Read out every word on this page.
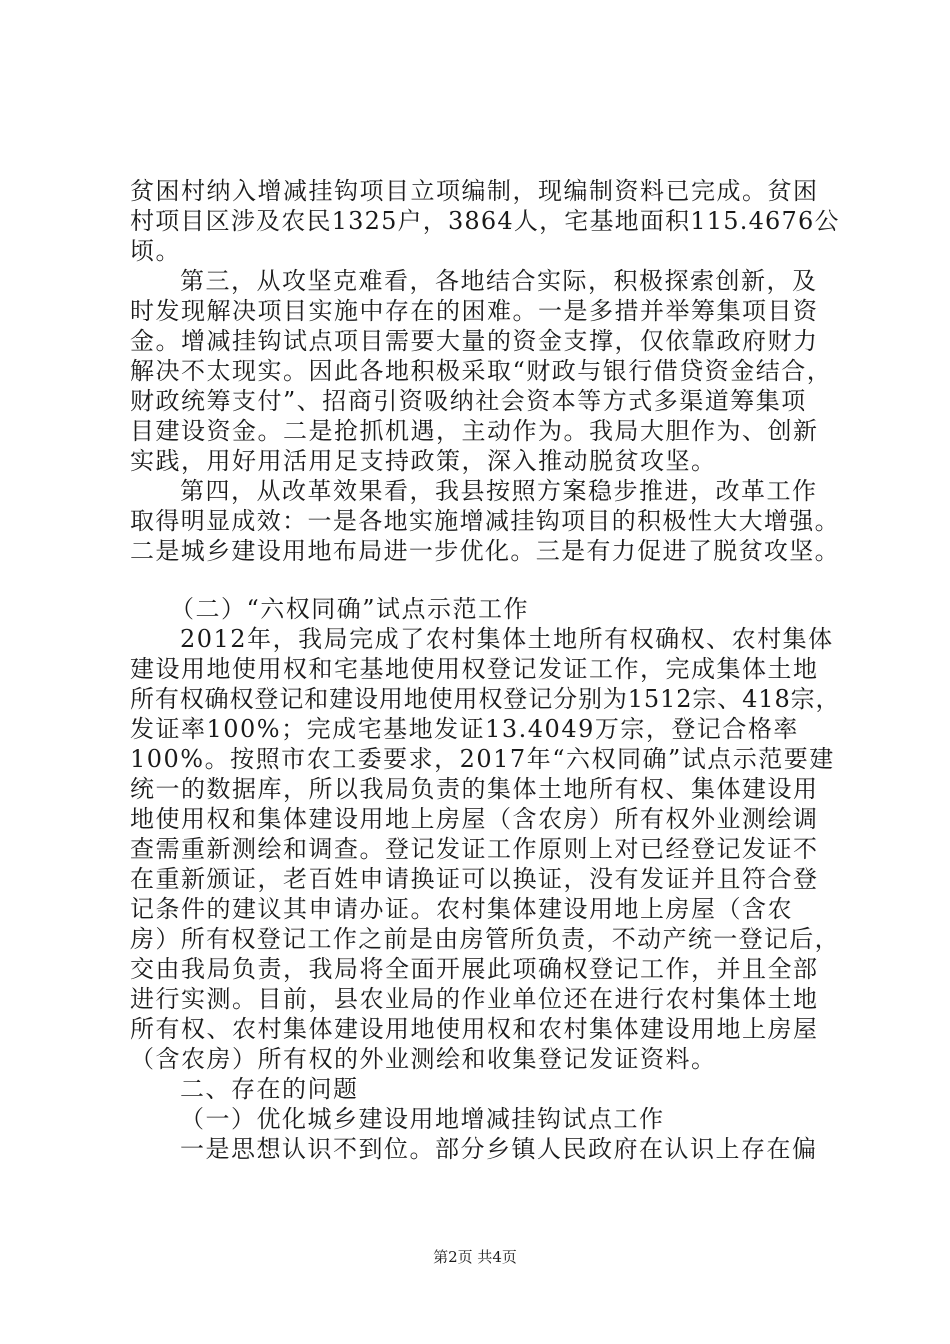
贫困村纳入增减挂钩项目立项编制，现编制资料已完成。贫困
村项目区涉及农民1325户，3864人，宅基地面积115.4676公
顷。
第三，从攻坚克难看，各地结合实际，积极探索创新，及
时发现解决项目实施中存在的困难。一是多措并举筹集项目资
金。增减挂钩试点项目需要大量的资金支撑，仅依靠政府财力
解决不太现实。因此各地积极采取“财政与银行借贷资金结合，
财政统筹支付”、招商引资吸纳社会资本等方式多渠道筹集项
目建设资金。二是抢抓机遇，主动作为。我局大胆作为、创新
实践，用好用活用足支持政策，深入推动脱贫攻坚。
第四，从改革效果看，我县按照方案稳步推进，改革工作
取得明显成效：一是各地实施增减挂钩项目的积极性大大增强。
二是城乡建设用地布局进一步优化。三是有力促进了脱贫攻坚。
（二）“六权同确”试点示范工作
2012年，我局完成了农村集体土地所有权确权、农村集体
建设用地使用权和宅基地使用权登记发证工作，完成集体土地
所有权确权登记和建设用地使用权登记分别为1512宗、418宗，
发证率100%；完成宅基地发证13.4049万宗，登记合格率
100%。按照市农工委要求，2017年“六权同确”试点示范要建
统一的数据库，所以我局负责的集体土地所有权、集体建设用
地使用权和集体建设用地上房屋（含农房）所有权外业测绘调
查需重新测绘和调查。登记发证工作原则上对已经登记发证不
在重新颁证，老百姓申请换证可以换证，没有发证并且符合登
记条件的建议其申请办证。农村集体建设用地上房屋（含农
房）所有权登记工作之前是由房管所负责，不动产统一登记后，
交由我局负责，我局将全面开展此项确权登记工作，并且全部
进行实测。目前，县农业局的作业单位还在进行农村集体土地
所有权、农村集体建设用地使用权和农村集体建设用地上房屋
（含农房）所有权的外业测绘和收集登记发证资料。
二、存在的问题
（一）优化城乡建设用地增减挂钩试点工作
一是思想认识不到位。部分乡镇人民政府在认识上存在偏
第2页 共4页
